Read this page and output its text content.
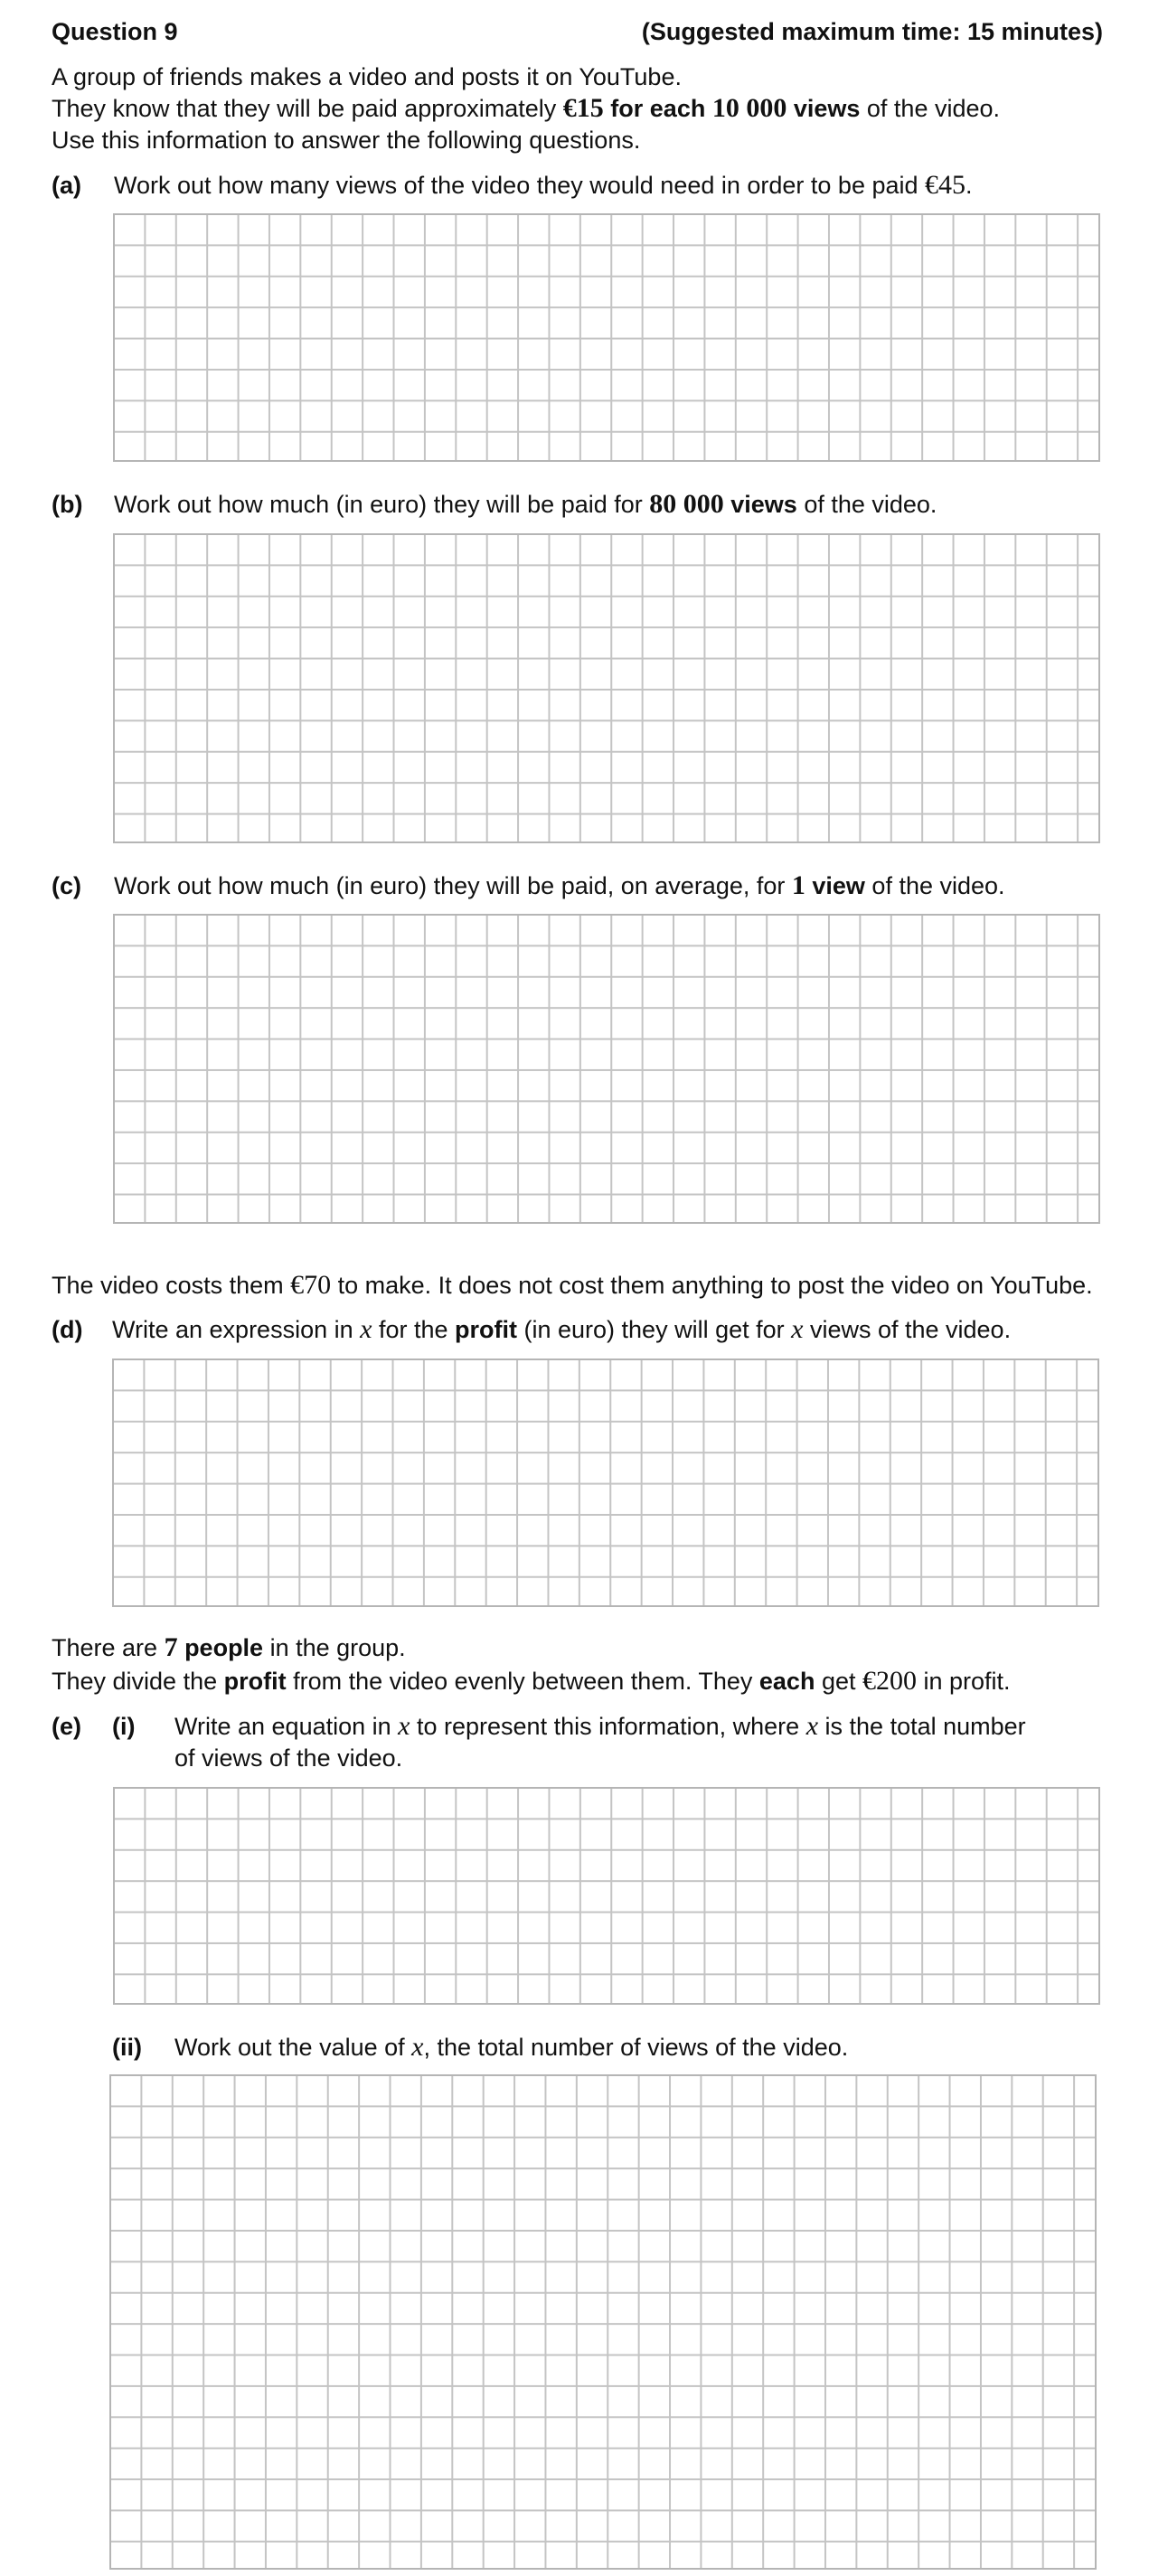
Question 9	(Suggested maximum time: 15 minutes)
A group of friends makes a video and posts it on YouTube.
They know that they will be paid approximately €15 for each 10 000 views of the video.
Use this information to answer the following questions.
(a) Work out how many views of the video they would need in order to be paid €45.
(b) Work out how much (in euro) they will be paid for 80 000 views of the video.
(c) Work out how much (in euro) they will be paid, on average, for 1 view of the video.
The video costs them €70 to make. It does not cost them anything to post the video on YouTube.
(d) Write an expression in x for the profit (in euro) they will get for x views of the video.
There are 7 people in the group.
They divide the profit from the video evenly between them. They each get €200 in profit.
(e) (i) Write an equation in x to represent this information, where x is the total number
of views of the video.
(ii) Work out the value of x, the total number of views of the video.
